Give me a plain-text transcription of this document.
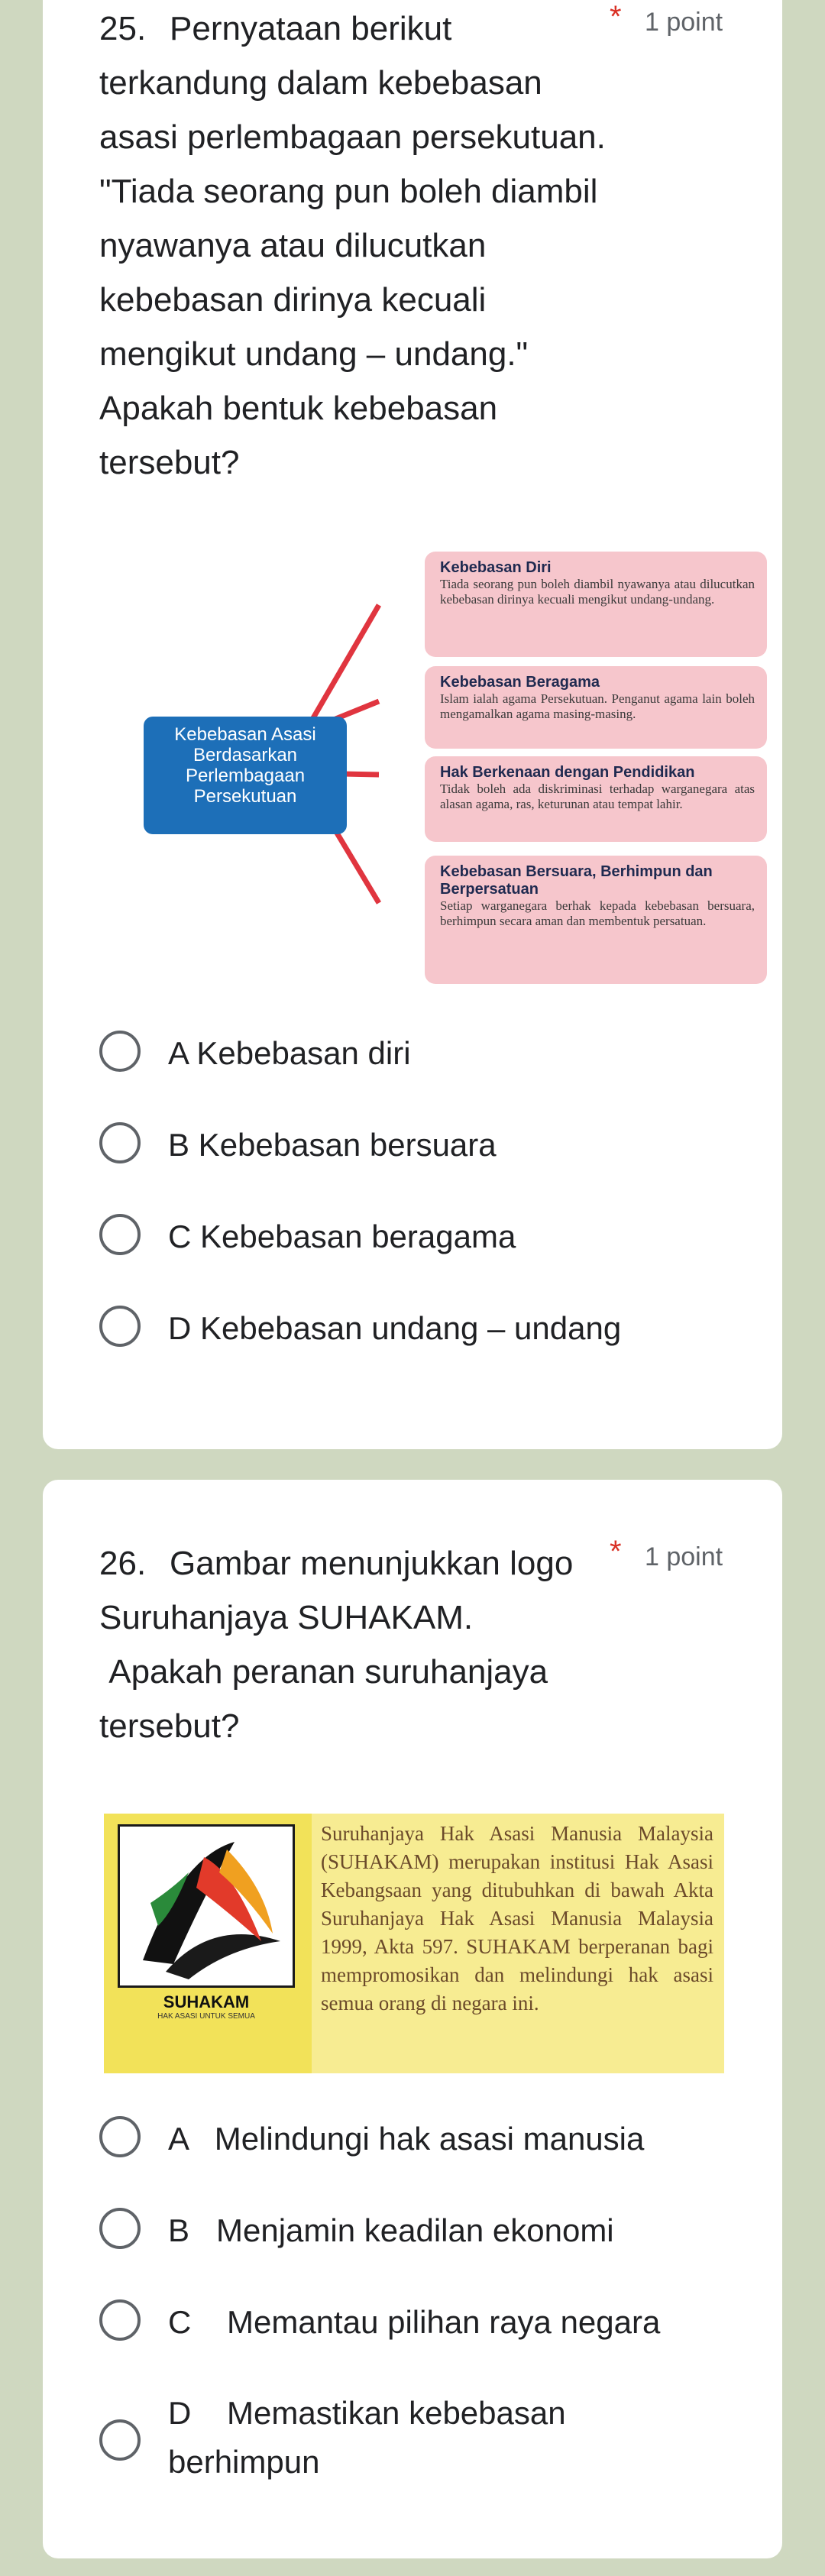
25. Pernyataan berikut terkandung dalam kebebasan asasi perlembagaan persekutuan. "Tiada seorang pun boleh diambil nyawanya atau dilucutkan kebebasan dirinya kecuali mengikut undang – undang."  Apakah bentuk kebebasan tersebut?
* 1 point
Kebebasan Asasi Berdasarkan Perlembagaan Persekutuan
Kebebasan Diri
Tiada seorang pun boleh diambil nyawanya atau dilucutkan kebebasan dirinya kecuali mengikut undang-undang.
Kebebasan Beragama
Islam ialah agama Persekutuan. Penganut agama lain boleh mengamalkan agama masing-masing.
Hak Berkenaan dengan Pendidikan
Tidak boleh ada diskriminasi terhadap warganegara atas alasan agama, ras, keturunan atau tempat lahir.
Kebebasan Bersuara, Berhimpun dan Berpersatuan
Setiap warganegara berhak kepada kebebasan bersuara, berhimpun secara aman dan membentuk persatuan.
A Kebebasan diri
B Kebebasan bersuara
C Kebebasan beragama
D Kebebasan undang – undang
26. Gambar menunjukkan logo Suruhanjaya SUHAKAM.
Apakah peranan suruhanjaya tersebut?
* 1 point
SUHAKAM
HAK ASASI UNTUK SEMUA
Suruhanjaya Hak Asasi Manusia Malaysia (SUHAKAM) merupakan institusi Hak Asasi Kebangsaan yang ditubuhkan di bawah Akta Suruhanjaya Hak Asasi Manusia Malaysia 1999, Akta 597. SUHAKAM berperanan bagi mempromosikan dan melindungi hak asasi semua orang di negara ini.
A   Melindungi hak asasi manusia
B   Menjamin keadilan ekonomi
C    Memantau pilihan raya negara
D    Memastikan kebebasan
berhimpun
